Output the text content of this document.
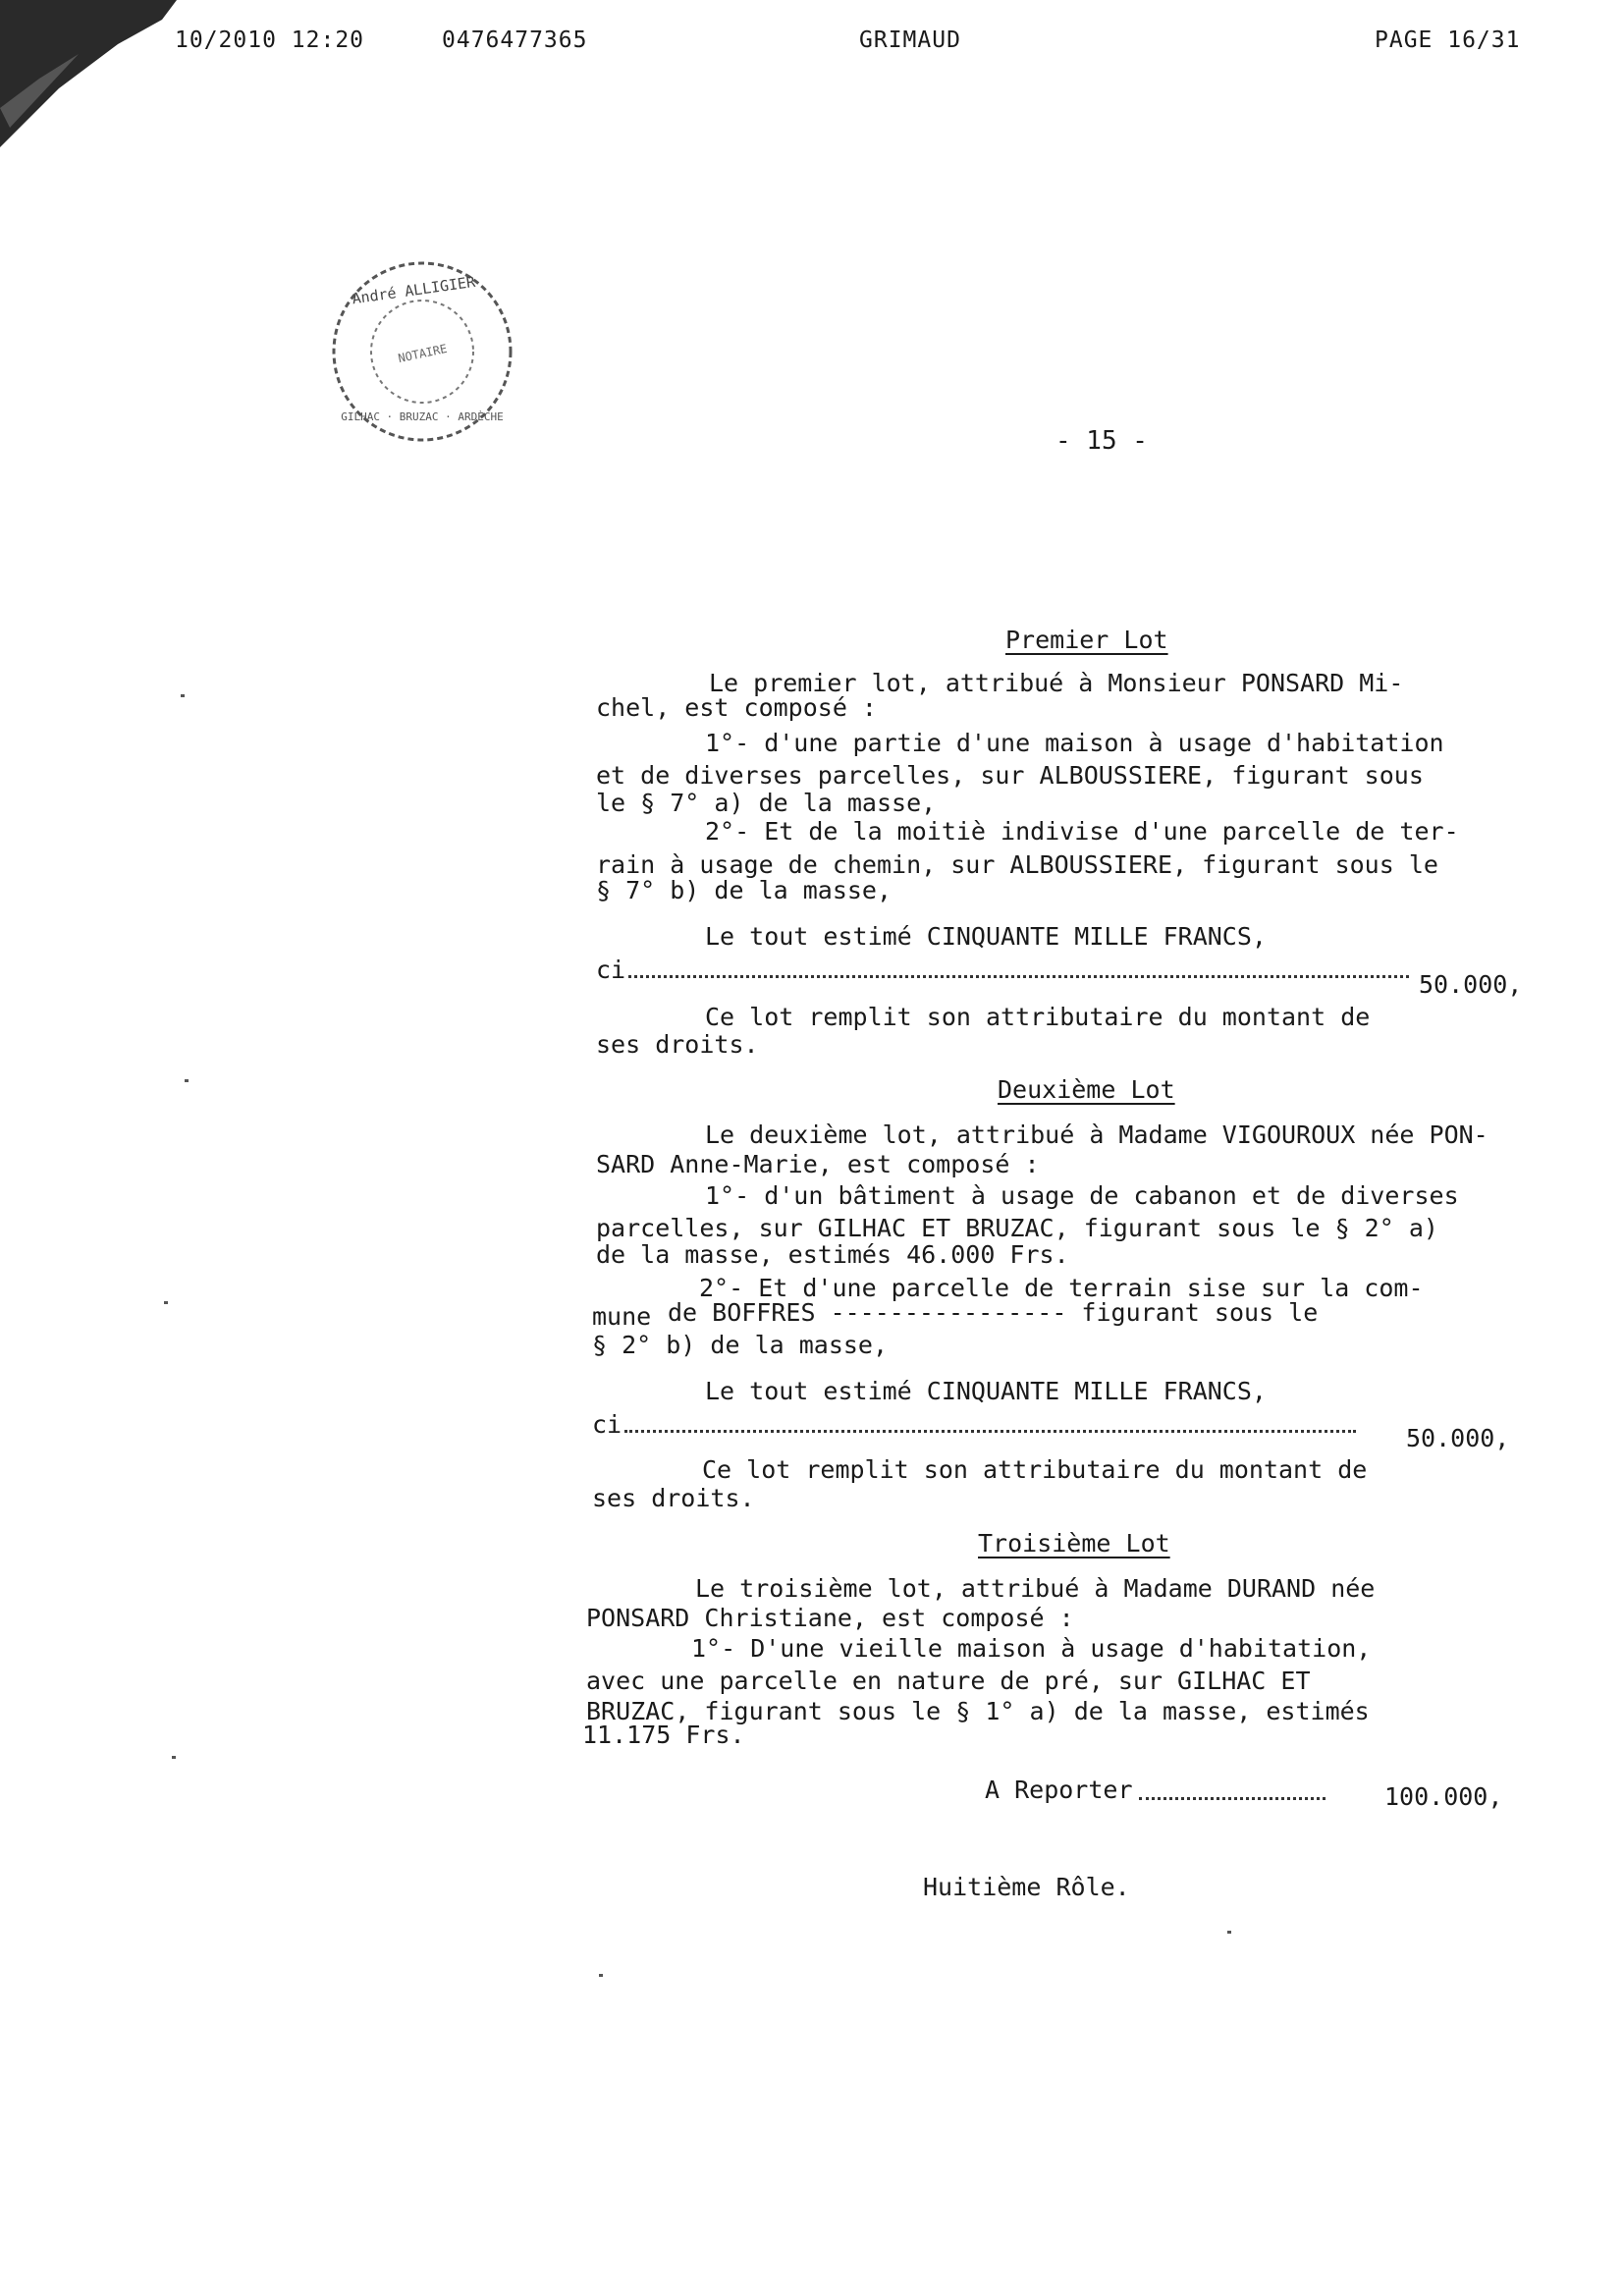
10/2010 12:20	0476477365	GRIMAUD	PAGE 16/31
André ALLIGIER
NOTAIRE
GILHAC · BRUZAC · ARDÈCHE
- 15 -
Premier Lot
Le premier lot, attribué à Monsieur PONSARD Mi-
chel, est composé :
1°- d'une partie d'une maison à usage d'habitation
et de diverses parcelles, sur ALBOUSSIERE, figurant sous
le § 7° a) de la masse,
2°- Et de la moitiè indivise d'une parcelle de ter-
rain à usage de chemin, sur ALBOUSSIERE, figurant sous le
§ 7° b) de la masse,
Le tout estimé CINQUANTE MILLE FRANCS,
ci
50.000,
Ce lot remplit son attributaire du montant de
ses droits.
Deuxième Lot
Le deuxième lot, attribué à Madame VIGOUROUX née PON-
SARD Anne-Marie, est composé :
1°- d'un bâtiment à usage de cabanon et de diverses
parcelles, sur GILHAC ET BRUZAC, figurant sous le § 2° a)
de la masse, estimés 46.000 Frs.
2°- Et d'une parcelle de terrain sise sur la com-
mune de BOFFRES ---------------- figurant sous le
§ 2° b) de la masse,
Le tout estimé CINQUANTE MILLE FRANCS,
ci	50.000,
Ce lot remplit son attributaire du montant de
ses droits.
Troisième Lot
Le troisième lot, attribué à Madame DURAND née
PONSARD Christiane, est composé :
1°- D'une vieille maison à usage d'habitation,
avec une parcelle en nature de pré, sur GILHAC ET
BRUZAC, figurant sous le § 1° a) de la masse, estimés
11.175 Frs.
A Reporter	100.000,
Huitième Rôle.
